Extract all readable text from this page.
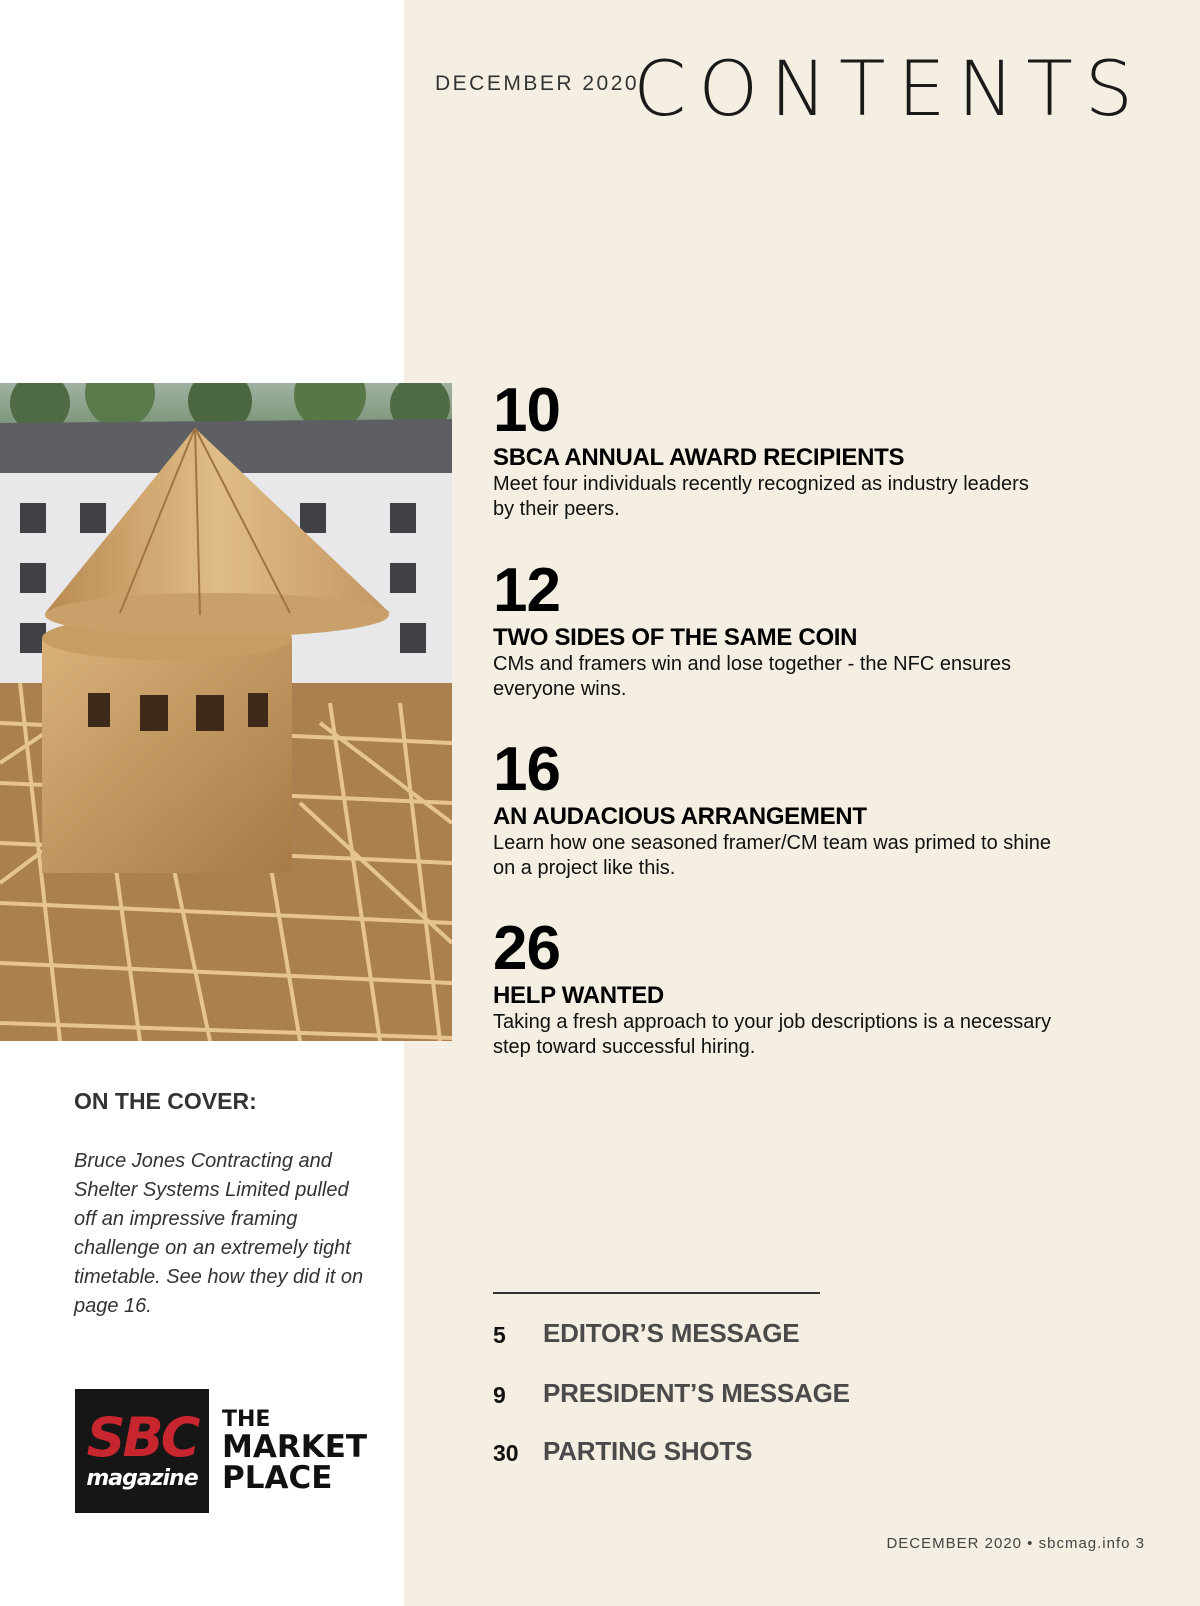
DECEMBER 2020
CONTENTS
10
SBCA ANNUAL AWARD RECIPIENTS
Meet four individuals recently recognized as industry leaders by their peers.
12
TWO SIDES OF THE SAME COIN
CMs and framers win and lose together - the NFC ensures everyone wins.
16
AN AUDACIOUS ARRANGEMENT
Learn how one seasoned framer/CM team was primed to shine on a project like this.
26
HELP WANTED
Taking a fresh approach to your job descriptions is a necessary step toward successful hiring.
ON THE COVER:
Bruce Jones Contracting and Shelter Systems Limited pulled off an impressive framing challenge on an extremely tight timetable. See how they did it on page 16.
SBC
magazine
THE
MARKET
PLACE
5 EDITOR’S MESSAGE
9 PRESIDENT’S MESSAGE
30 PARTING SHOTS
DECEMBER 2020 • sbcmag.info 3
